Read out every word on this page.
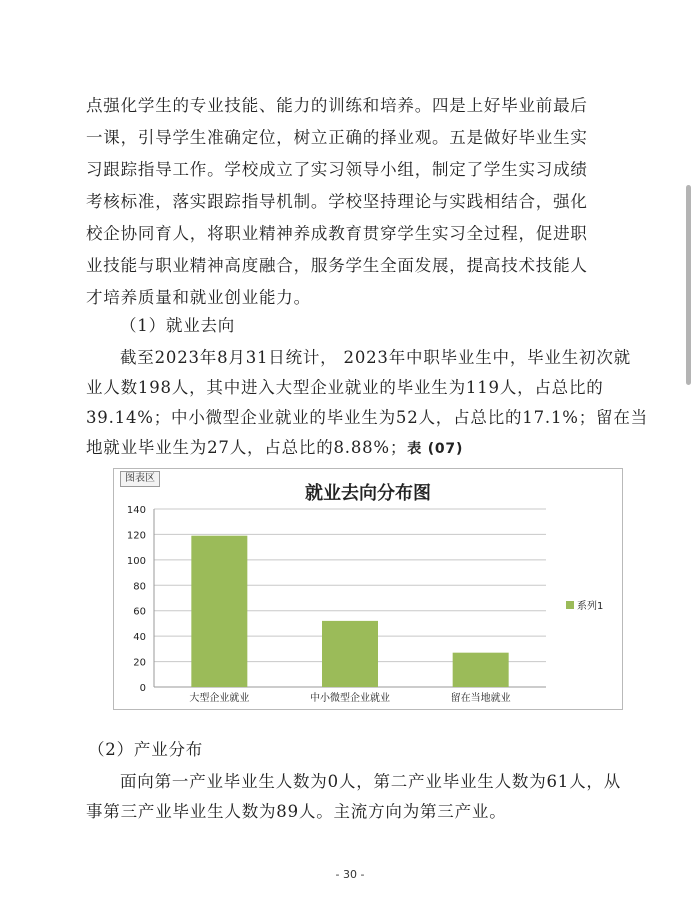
点强化学生的专业技能、能力的训练和培养。四是上好毕业前最后
一课，引导学生准确定位，树立正确的择业观。五是做好毕业生实
习跟踪指导工作。学校成立了实习领导小组，制定了学生实习成绩
考核标准，落实跟踪指导机制。学校坚持理论与实践相结合，强化
校企协同育人，将职业精神养成教育贯穿学生实习全过程，促进职
业技能与职业精神高度融合，服务学生全面发展，提高技术技能人
才培养质量和就业创业能力。
（1）就业去向
截至2023年8月31日统计， 2023年中职毕业生中，毕业生初次就
业人数198人，其中进入大型企业就业的毕业生为119人，占总比的
39.14%；中小微型企业就业的毕业生为52人，占总比的17.1%；留在当
地就业毕业生为27人，占总比的8.88%；表 (07)
图表区
就业去向分布图
0
20
40
60
80
100
120
140
大型企业就业	中小微型企业就业	留在当地就业
系列1
（2）产业分布
面向第一产业毕业生人数为0人，第二产业毕业生人数为61人，从
事第三产业毕业生人数为89人。主流方向为第三产业。
- 30 -
